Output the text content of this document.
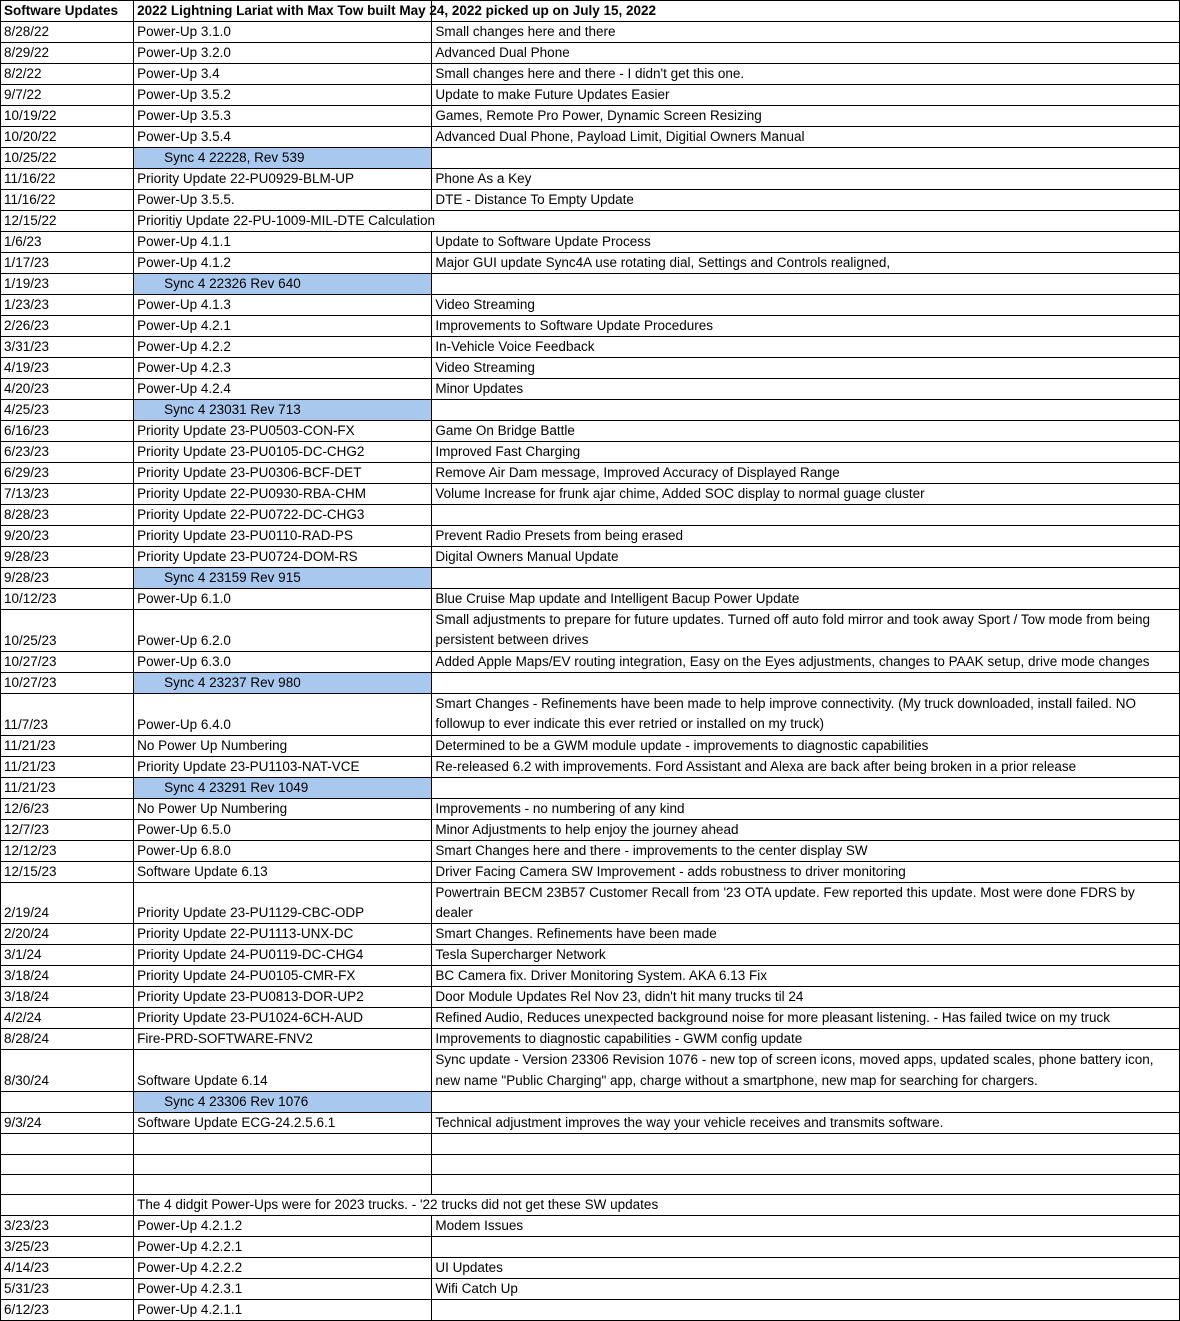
Software Updates	2022 Lightning Lariat with Max Tow built May 24, 2022 picked up on July 15, 2022	
8/28/22	Power-Up 3.1.0	Small changes here and there
8/29/22	Power-Up 3.2.0	Advanced Dual Phone
8/2/22	Power-Up 3.4	Small changes here and there - I didn't get this one.
9/7/22	Power-Up 3.5.2	Update to make Future Updates Easier
10/19/22	Power-Up 3.5.3	Games, Remote Pro Power, Dynamic Screen Resizing
10/20/22	Power-Up 3.5.4	Advanced Dual Phone, Payload Limit, Digitial Owners Manual
10/25/22	Sync 4 22228, Rev 539	
11/16/22	Priority Update 22-PU0929-BLM-UP	Phone As a Key
11/16/22	Power-Up 3.5.5.	DTE - Distance To Empty Update
12/15/22	Prioritiy Update 22-PU-1009-MIL-DTE Calculation	
1/6/23	Power-Up 4.1.1	Update to Software Update Process
1/17/23	Power-Up 4.1.2	Major GUI update Sync4A use rotating dial, Settings and Controls realigned,
1/19/23	Sync 4 22326 Rev 640	
1/23/23	Power-Up 4.1.3	Video Streaming
2/26/23	Power-Up 4.2.1	Improvements to Software Update Procedures
3/31/23	Power-Up 4.2.2	In-Vehicle Voice Feedback
4/19/23	Power-Up 4.2.3	Video Streaming
4/20/23	Power-Up 4.2.4	Minor Updates
4/25/23	Sync 4 23031 Rev 713	
6/16/23	Priority Update 23-PU0503-CON-FX	Game On Bridge Battle
6/23/23	Priority Update 23-PU0105-DC-CHG2	Improved Fast Charging
6/29/23	Priority Update 23-PU0306-BCF-DET	Remove Air Dam message, Improved Accuracy of Displayed Range
7/13/23	Priority Update 22-PU0930-RBA-CHM	Volume Increase for frunk ajar chime, Added SOC display to normal guage cluster
8/28/23	Priority Update 22-PU0722-DC-CHG3	
9/20/23	Priority Update 23-PU0110-RAD-PS	Prevent Radio Presets from being erased
9/28/23	Priority Update 23-PU0724-DOM-RS	Digital Owners Manual Update
9/28/23	Sync 4 23159 Rev 915	
10/12/23	Power-Up 6.1.0	Blue Cruise Map update and Intelligent Bacup Power Update
10/25/23	Power-Up 6.2.0	Small adjustments to prepare for future updates. Turned off auto fold mirror and took away Sport / Tow mode from being persistent between drives
10/27/23	Power-Up 6.3.0	Added Apple Maps/EV routing integration, Easy on the Eyes adjustments, changes to PAAK setup, drive mode changes
10/27/23	Sync 4 23237 Rev 980	
11/7/23	Power-Up 6.4.0	Smart Changes - Refinements have been made to help improve connectivity. (My truck downloaded, install failed. NO followup to ever indicate this ever retried or installed on my truck)
11/21/23	No Power Up Numbering	Determined to be a GWM module update - improvements to diagnostic capabilities
11/21/23	Priority Update 23-PU1103-NAT-VCE	Re-released 6.2 with improvements. Ford Assistant and Alexa are back after being broken in a prior release
11/21/23	Sync 4 23291 Rev 1049	
12/6/23	No Power Up Numbering	Improvements - no numbering of any kind
12/7/23	Power-Up 6.5.0	Minor Adjustments to help enjoy the journey ahead
12/12/23	Power-Up 6.8.0	Smart Changes here and there - improvements to the center display SW
12/15/23	Software Update 6.13	Driver Facing Camera SW Improvement - adds robustness to driver monitoring
2/19/24	Priority Update 23-PU1129-CBC-ODP	Powertrain BECM 23B57 Customer Recall from '23 OTA update. Few reported this update. Most were done FDRS by dealer
2/20/24	Priority Update 22-PU1113-UNX-DC	Smart Changes. Refinements have been made
3/1/24	Priority Update 24-PU0119-DC-CHG4	Tesla Supercharger Network
3/18/24	Priority Update 24-PU0105-CMR-FX	BC Camera fix. Driver Monitoring System. AKA 6.13 Fix
3/18/24	Priority Update 23-PU0813-DOR-UP2	Door Module Updates Rel Nov 23, didn't hit many trucks til 24
4/2/24	Priority Update 23-PU1024-6CH-AUD	Refined Audio, Reduces unexpected background noise for more pleasant listening. - Has failed twice on my truck
8/28/24	Fire-PRD-SOFTWARE-FNV2	Improvements to diagnostic capabilities - GWM config update
8/30/24	Software Update 6.14	Sync update - Version 23306 Revision 1076 - new top of screen icons, moved apps, updated scales, phone battery icon, new name "Public Charging" app, charge without a smartphone, new map for searching for chargers.
	Sync 4 23306 Rev 1076	
9/3/24	Software Update ECG-24.2.5.6.1	Technical adjustment improves the way your vehicle receives and transmits software.

	The 4 didgit Power-Ups were for 2023 trucks. - '22 trucks did not get these SW updates	
3/23/23	Power-Up 4.2.1.2	Modem Issues
3/25/23	Power-Up 4.2.2.1	
4/14/23	Power-Up 4.2.2.2	UI Updates
5/31/23	Power-Up 4.2.3.1	Wifi Catch Up
6/12/23	Power-Up 4.2.1.1	
